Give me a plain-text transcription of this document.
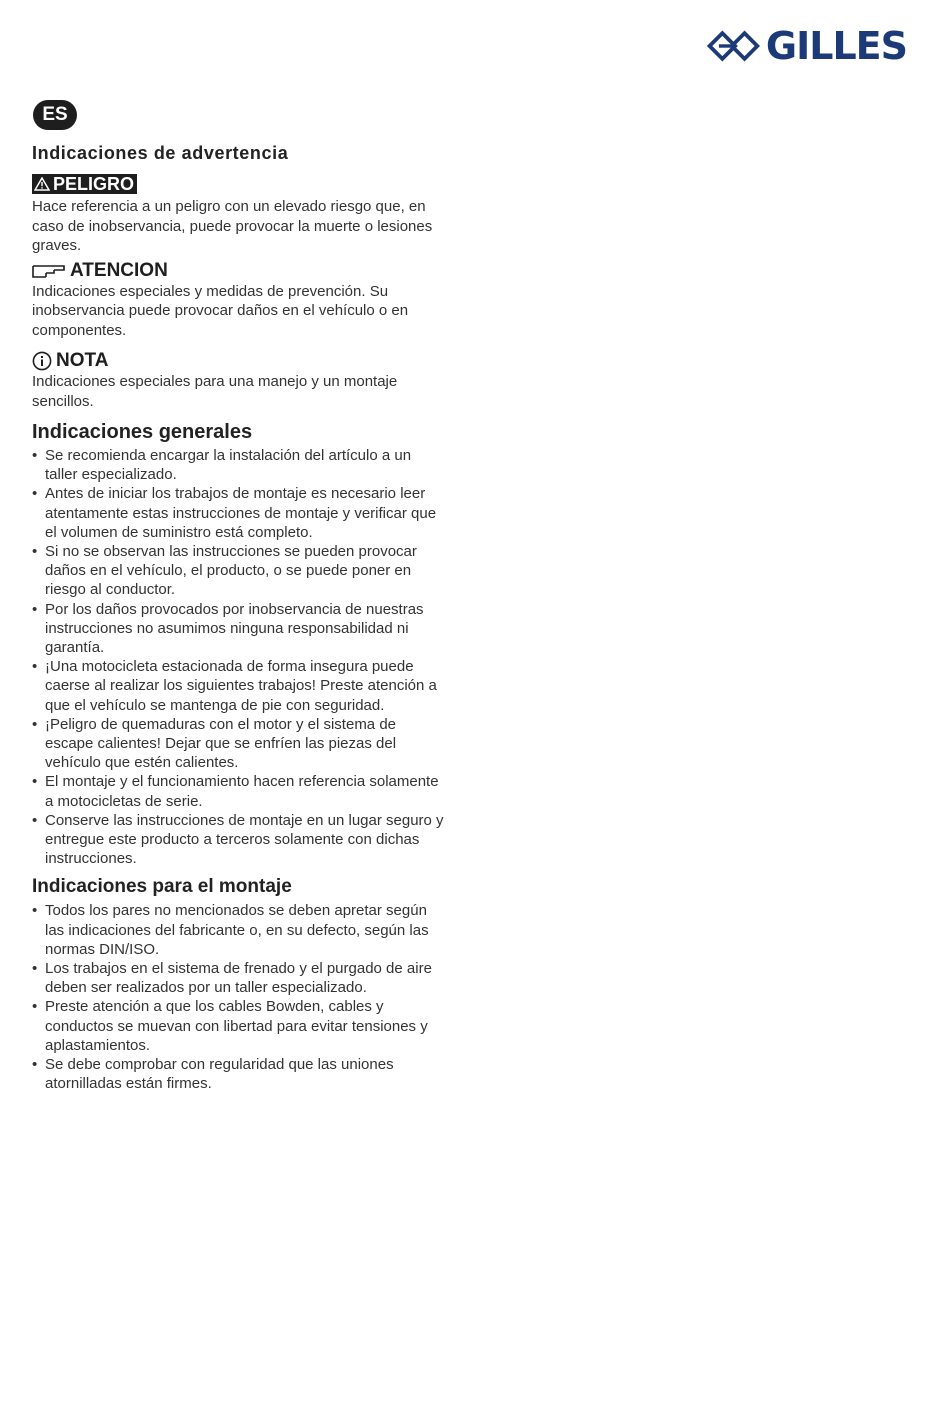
GILLES
ES
Indicaciones de advertencia
PELIGRO

Hace referencia a un peligro con un elevado riesgo que, en caso de inobservancia, puede provocar la muerte o lesiones graves.

ATENCION

Indicaciones especiales y medidas de prevención. Su inobservancia puede provocar daños en el vehículo o en componentes.

NOTA

Indicaciones especiales para una manejo y un montaje sencillos.

Indicaciones generales
• Se recomienda encargar la instalación del artículo a un taller especializado.
• Antes de iniciar los trabajos de montaje es necesario leer atentamente estas instrucciones de montaje y verificar que el volumen de suministro está completo.
• Si no se observan las instrucciones se pueden provocar daños en el vehículo, el producto, o se puede poner en riesgo al conductor.
• Por los daños provocados por inobservancia de nuestras instrucciones no asumimos ninguna responsabilidad ni garantía.
• ¡Una motocicleta estacionada de forma insegura puede caerse al realizar los siguientes trabajos! Preste atención a que el vehículo se mantenga de pie con seguridad.
• ¡Peligro de quemaduras con el motor y el sistema de escape calientes! Dejar que se enfríen las piezas del vehículo que estén calientes.
• El montaje y el funcionamiento hacen referencia solamente a motocicletas de serie.
• Conserve las instrucciones de montaje en un lugar seguro y entregue este producto a terceros solamente con dichas instrucciones.
Indicaciones para el montaje
• Todos los pares no mencionados se deben apretar según las indicaciones del fabricante o, en su defecto, según las normas DIN/ISO.
• Los trabajos en el sistema de frenado y el purgado de aire deben ser realizados por un taller especializado.
• Preste atención a que los cables Bowden, cables y conductos se muevan con libertad para evitar tensiones y aplastamientos.
• Se debe comprobar con regularidad que las uniones atornilladas están firmes.
